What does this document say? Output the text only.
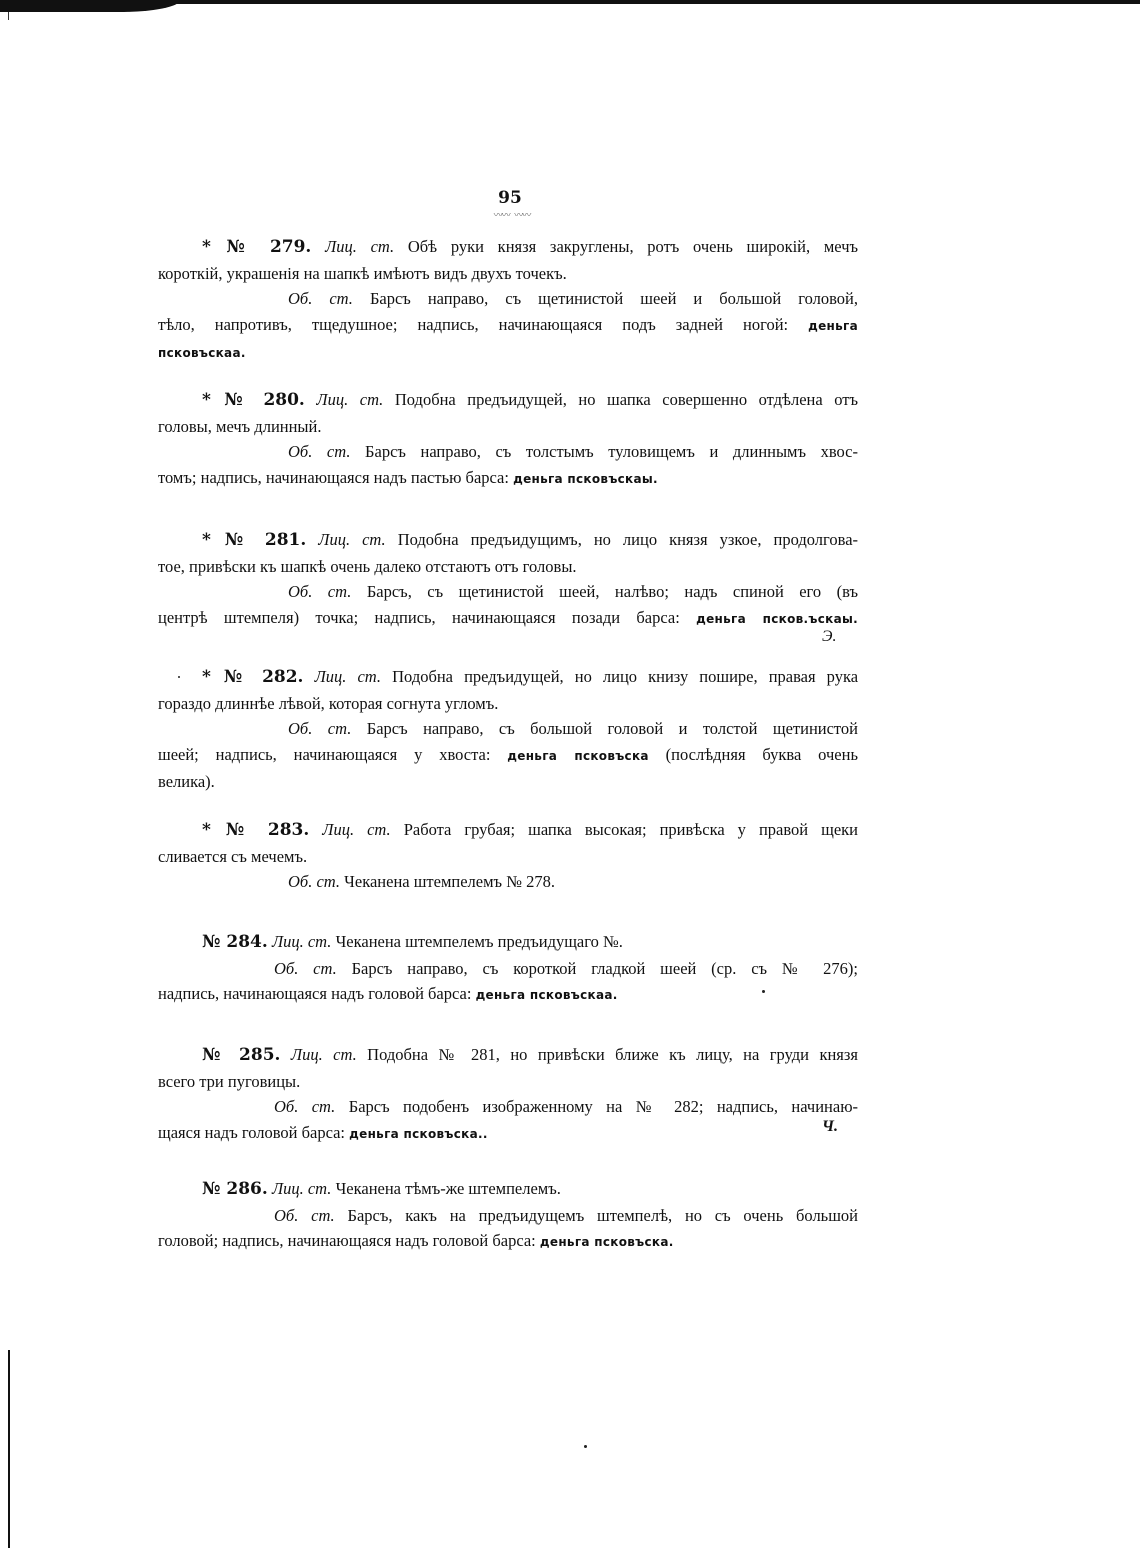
95
〰〰 〰〰
* № 279. Лиц. ст. Обѣ руки князя закруглены, ротъ очень широкій, мечъ
короткій, украшенія на шапкѣ имѣютъ видъ двухъ точекъ.
Об. ст. Барсъ направо, съ щетинистой шеей и большой головой,
тѣло, напротивъ, тщедушное; надпись, начинающаяся подъ задней ногой: деньга
псковъскаа.
* № 280. Лиц. ст. Подобна предъидущей, но шапка совершенно отдѣлена отъ
головы, мечъ длинный.
Об. ст. Барсъ направо, съ толстымъ туловищемъ и длиннымъ хвос-
томъ; надпись, начинающаяся надъ пастью барса: деньга псковъскаы.
* № 281. Лиц. ст. Подобна предъидущимъ, но лицо князя узкое, продолгова-
тое, привѣски къ шапкѣ очень далеко отстаютъ отъ головы.
Об. ст. Барсъ, съ щетинистой шеей, налѣво; надъ спиной его (въ
центрѣ штемпеля) точка; надпись, начинающаяся позади барса: деньга псков.ъскаы.
Э.
* № 282. Лиц. ст. Подобна предъидущей, но лицо книзу пошире, правая рука
гораздо длиннѣе лѣвой, которая согнута угломъ.
Об. ст. Барсъ направо, съ большой головой и толстой щетинистой
шеей; надпись, начинающаяся у хвоста: деньга псковъска (послѣдняя буква очень
велика).
* № 283. Лиц. ст. Работа грубая; шапка высокая; привѣска у правой щеки
сливается съ мечемъ.
Об. ст. Чеканена штемпелемъ № 278.
№ 284. Лиц. ст. Чеканена штемпелемъ предъидущаго №.
Об. ст. Барсъ направо, съ короткой гладкой шеей (ср. съ № 276);
надпись, начинающаяся надъ головой барса: деньга псковъскаа.
№ 285. Лиц. ст. Подобна № 281, но привѣски ближе къ лицу, на груди князя
всего три пуговицы.
Об. ст. Барсъ подобенъ изображенному на № 282; надпись, начинаю-
щаяся надъ головой барса: деньга псковъска..	Ч.
№ 286. Лиц. ст. Чеканена тѣмъ-же штемпелемъ.
Об. ст. Барсъ, какъ на предъидущемъ штемпелѣ, но съ очень большой
головой; надпись, начинающаяся надъ головой барса: деньга псковъска.
